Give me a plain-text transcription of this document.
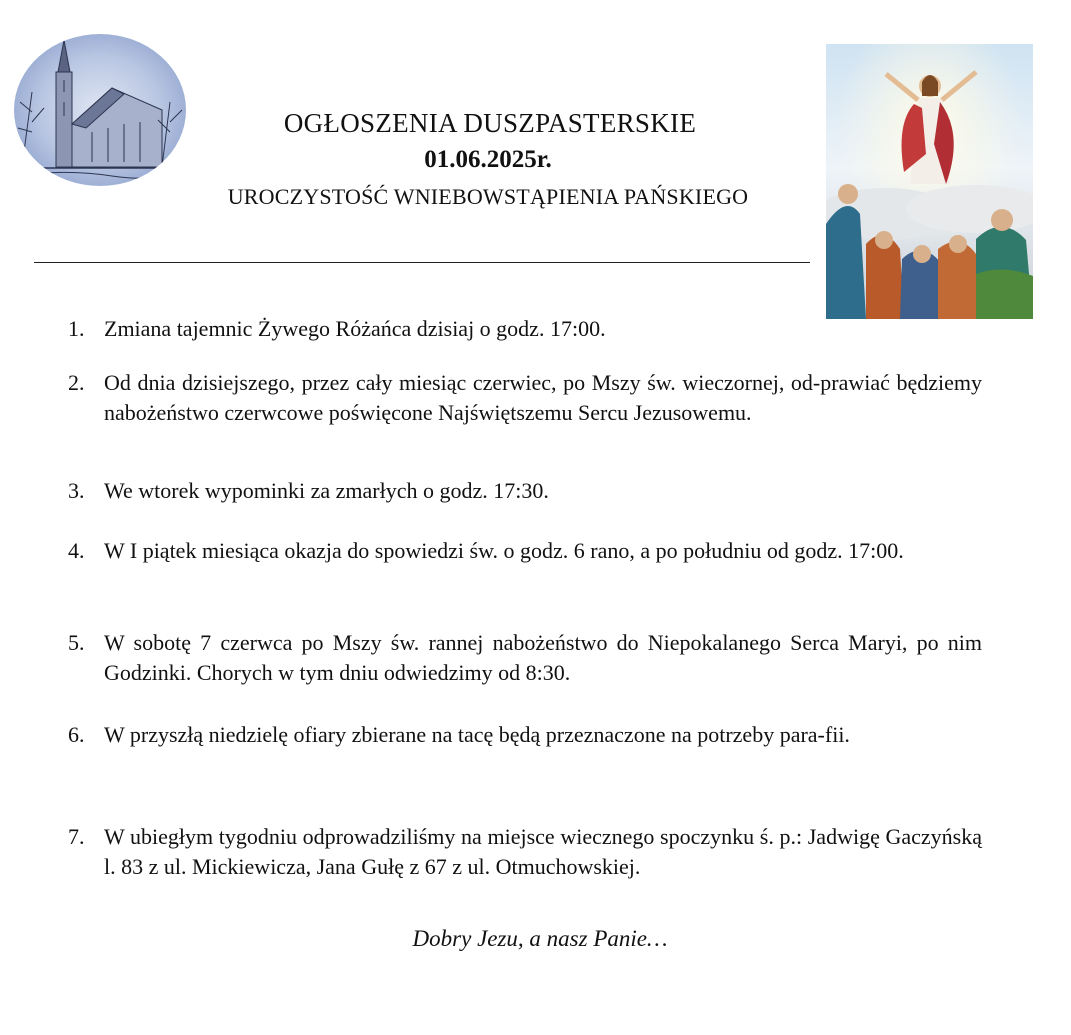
OGŁOSZENIA DUSZPASTERSKIE
01.06.2025r.
UROCZYSTOŚĆ WNIEBOWSTĄPIENIA PAŃSKIEGO
1. Zmiana tajemnic Żywego Różańca dzisiaj o godz. 17:00.
2. Od dnia dzisiejszego, przez cały miesiąc czerwiec, po Mszy św. wieczornej, od-prawiać będziemy nabożeństwo czerwcowe poświęcone Najświętszemu Sercu Jezusowemu.
3. We wtorek wypominki za zmarłych o godz. 17:30.
4. W I piątek miesiąca okazja do spowiedzi św. o godz. 6 rano, a po południu od godz. 17:00.
5. W sobotę 7 czerwca po Mszy św. rannej nabożeństwo do Niepokalanego Serca Maryi, po nim Godzinki. Chorych w tym dniu odwiedzimy od 8:30.
6. W przyszłą niedzielę ofiary zbierane na tacę będą przeznaczone na potrzeby para-fii.
7. W ubiegłym tygodniu odprowadziliśmy na miejsce wiecznego spoczynku ś. p.: Jadwigę Gaczyńską l. 83 z ul. Mickiewicza, Jana Gułę z 67 z ul. Otmuchowskiej.
Dobry Jezu, a nasz Panie…
